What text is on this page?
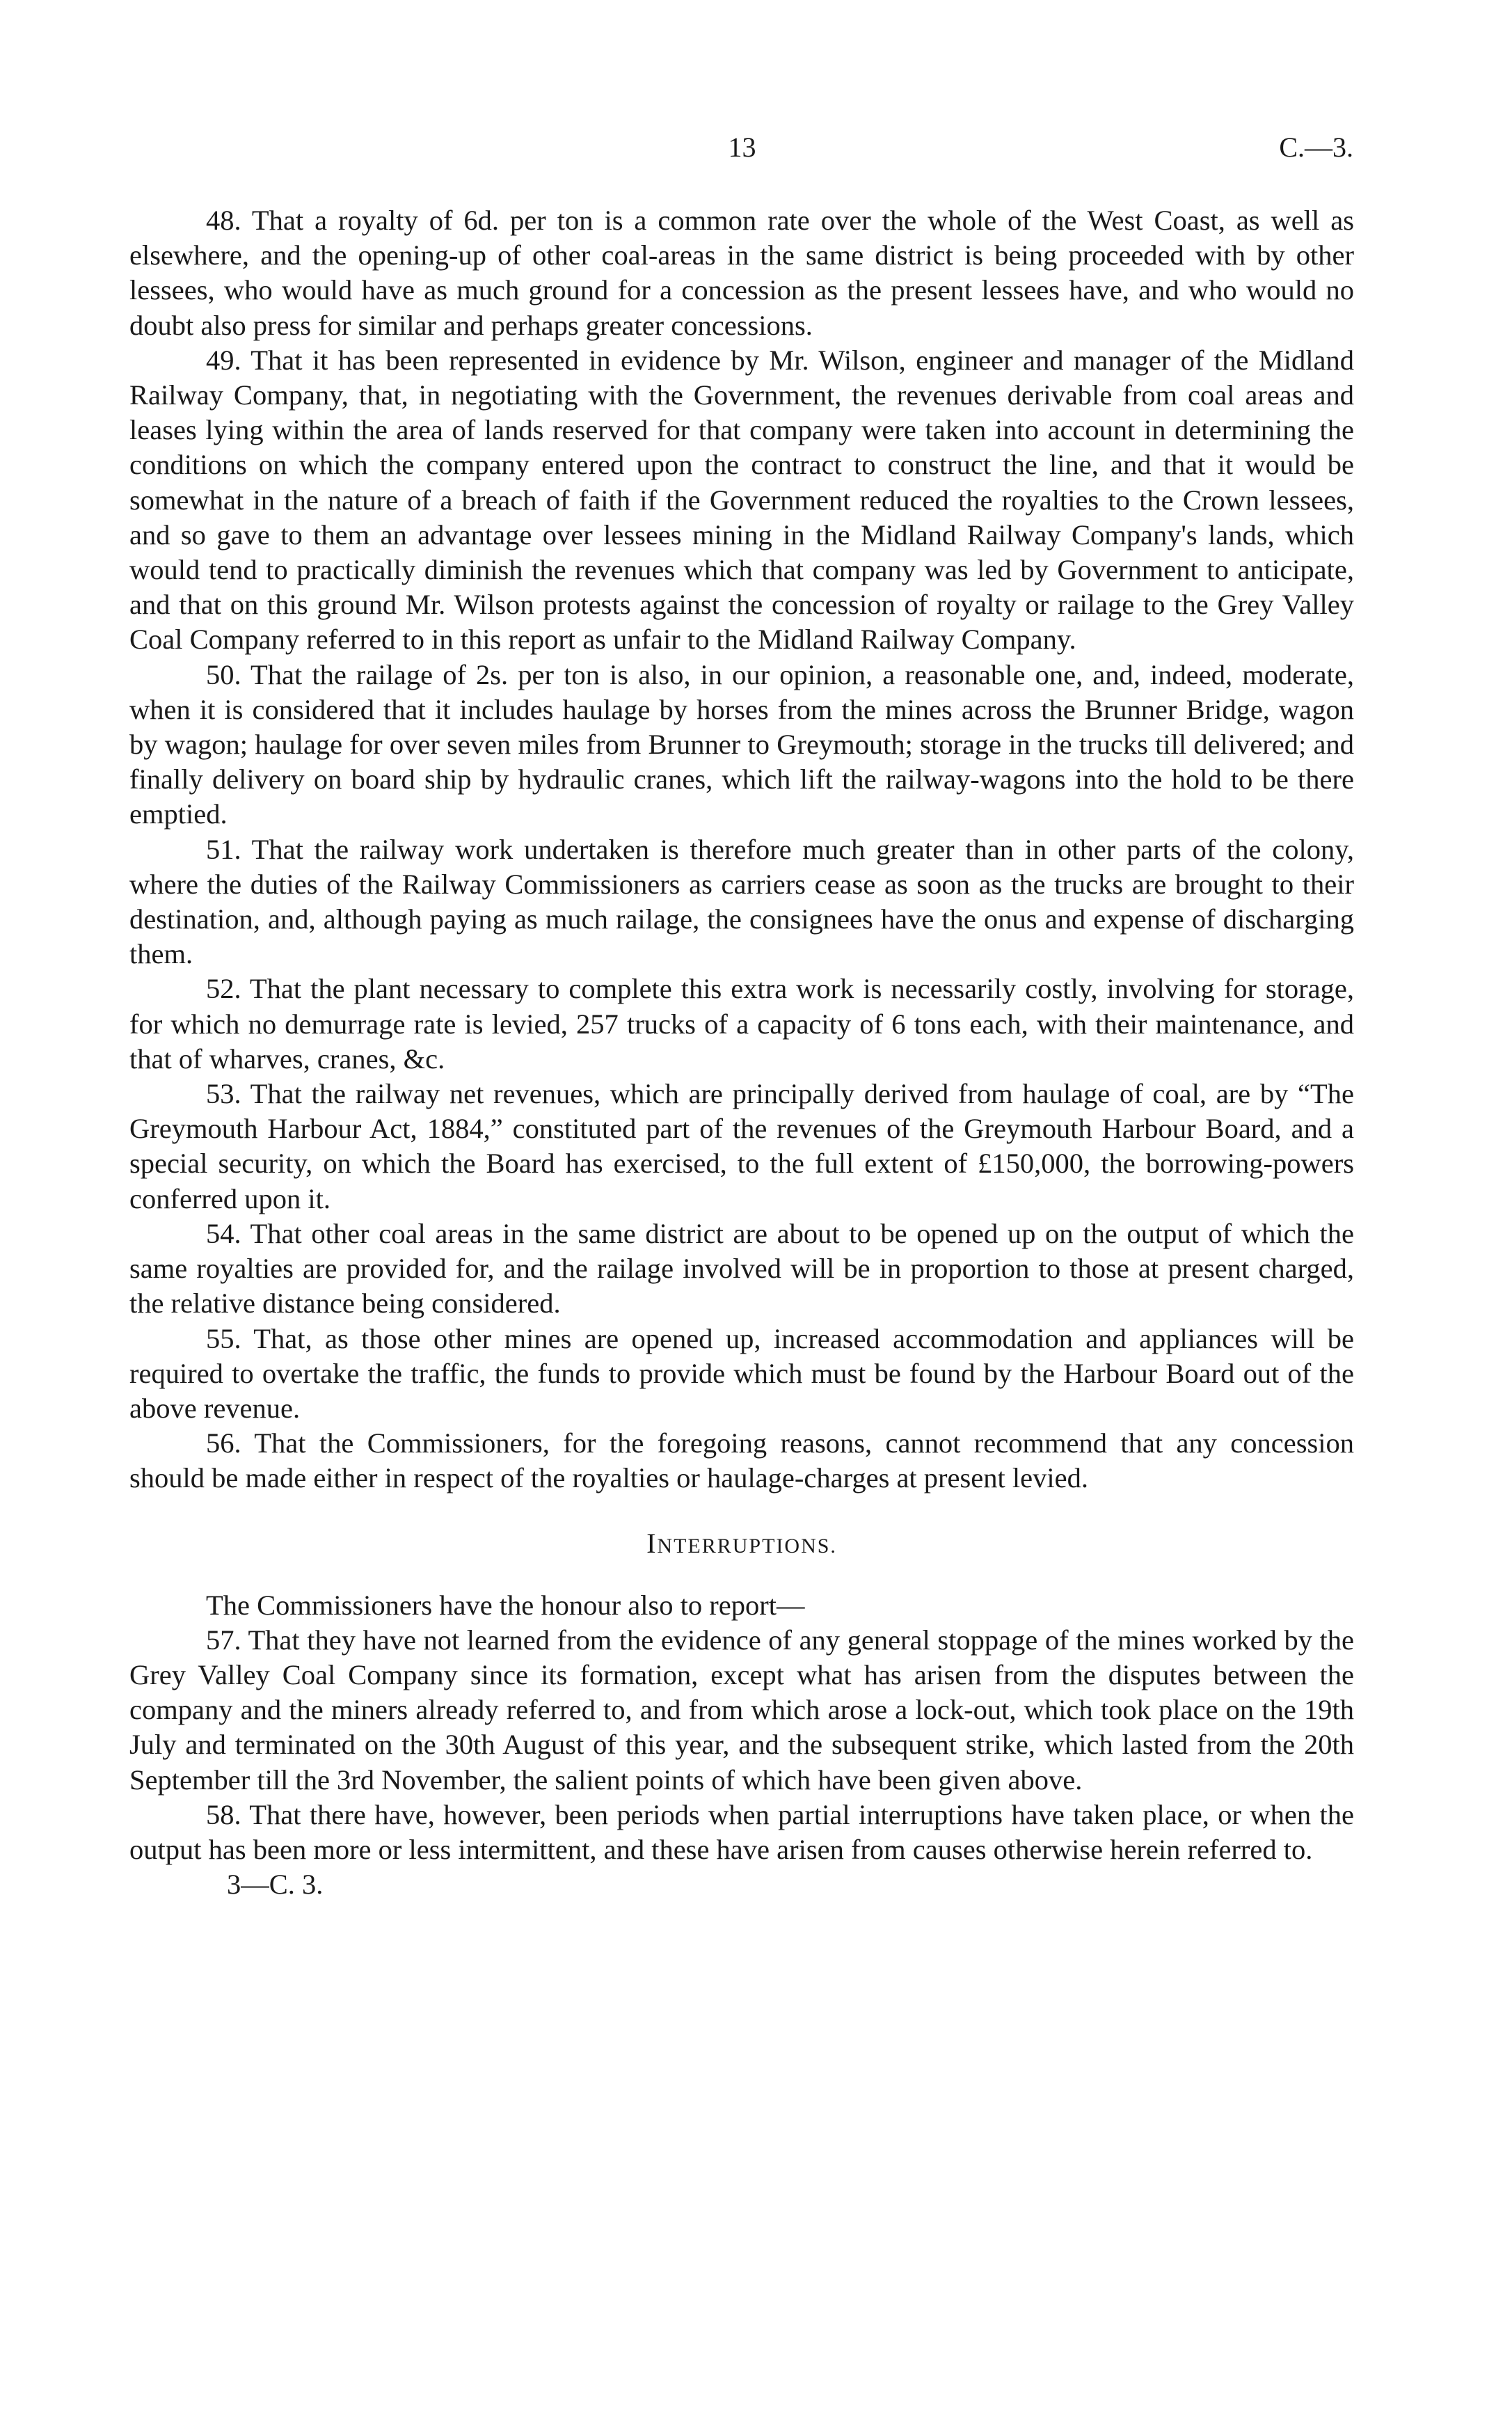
13	C.—3.

48. That a royalty of 6d. per ton is a common rate over the whole of the West Coast, as well as elsewhere, and the opening-up of other coal-areas in the same district is being proceeded with by other lessees, who would have as much ground for a concession as the present lessees have, and who would no doubt also press for similar and perhaps greater concessions.

49. That it has been represented in evidence by Mr. Wilson, engineer and manager of the Midland Railway Company, that, in negotiating with the Government, the revenues derivable from coal areas and leases lying within the area of lands reserved for that company were taken into account in determining the conditions on which the company entered upon the contract to construct the line, and that it would be somewhat in the nature of a breach of faith if the Government reduced the royalties to the Crown lessees, and so gave to them an advantage over lessees mining in the Midland Railway Company's lands, which would tend to practically diminish the revenues which that company was led by Government to anticipate, and that on this ground Mr. Wilson protests against the concession of royalty or railage to the Grey Valley Coal Company referred to in this report as unfair to the Midland Railway Company.

50. That the railage of 2s. per ton is also, in our opinion, a reasonable one, and, indeed, moderate, when it is considered that it includes haulage by horses from the mines across the Brunner Bridge, wagon by wagon; haulage for over seven miles from Brunner to Greymouth; storage in the trucks till delivered; and finally delivery on board ship by hydraulic cranes, which lift the railway-wagons into the hold to be there emptied.

51. That the railway work undertaken is therefore much greater than in other parts of the colony, where the duties of the Railway Commissioners as carriers cease as soon as the trucks are brought to their destination, and, although paying as much railage, the consignees have the onus and expense of discharging them.

52. That the plant necessary to complete this extra work is necessarily costly, involving for storage, for which no demurrage rate is levied, 257 trucks of a capacity of 6 tons each, with their maintenance, and that of wharves, cranes, &c.

53. That the railway net revenues, which are principally derived from haulage of coal, are by “The Greymouth Harbour Act, 1884,” constituted part of the revenues of the Greymouth Harbour Board, and a special security, on which the Board has exercised, to the full extent of £150,000, the borrowing-powers conferred upon it.

54. That other coal areas in the same district are about to be opened up on the output of which the same royalties are provided for, and the railage involved will be in proportion to those at present charged, the relative distance being considered.

55. That, as those other mines are opened up, increased accommodation and appliances will be required to overtake the traffic, the funds to provide which must be found by the Harbour Board out of the above revenue.

56. That the Commissioners, for the foregoing reasons, cannot recommend that any concession should be made either in respect of the royalties or haulage-charges at present levied.

INTERRUPTIONS.

The Commissioners have the honour also to report—

57. That they have not learned from the evidence of any general stoppage of the mines worked by the Grey Valley Coal Company since its formation, except what has arisen from the disputes between the company and the miners already referred to, and from which arose a lock-out, which took place on the 19th July and terminated on the 30th August of this year, and the subsequent strike, which lasted from the 20th September till the 3rd November, the salient points of which have been given above.

58. That there have, however, been periods when partial interruptions have taken place, or when the output has been more or less intermittent, and these have arisen from causes otherwise herein referred to.

3—C. 3.
